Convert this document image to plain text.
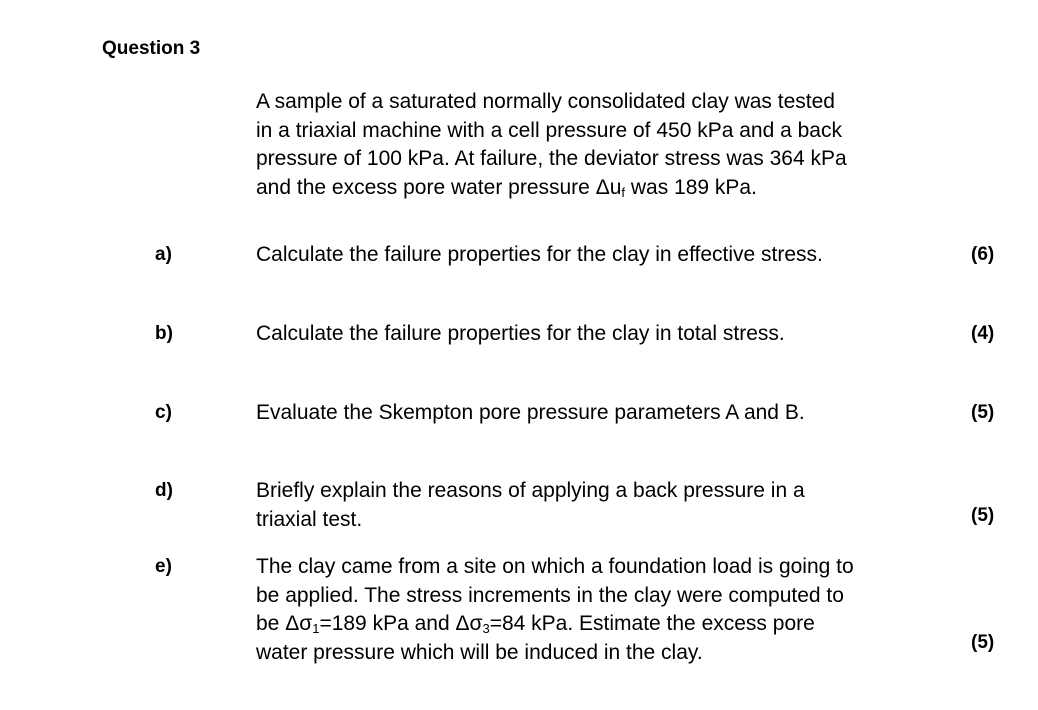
Question 3
A sample of a saturated normally consolidated clay was tested
in a triaxial machine with a cell pressure of 450 kPa and a back
pressure of 100 kPa. At failure, the deviator stress was 364 kPa
and the excess pore water pressure $\Delta u_f$ was 189 kPa.
a)	Calculate the failure properties for the clay in effective stress.	(6)
b)	Calculate the failure properties for the clay in total stress.	(4)
c)	Evaluate the Skempton pore pressure parameters A and B.	(5)
d)	Briefly explain the reasons of applying a back pressure in a
triaxial test.	(5)
e)	The clay came from a site on which a foundation load is going to
be applied. The stress increments in the clay were computed to
be $\Delta\sigma_1=189$ kPa and $\Delta\sigma_3=84$ kPa. Estimate the excess pore
water pressure which will be induced in the clay.	(5)
